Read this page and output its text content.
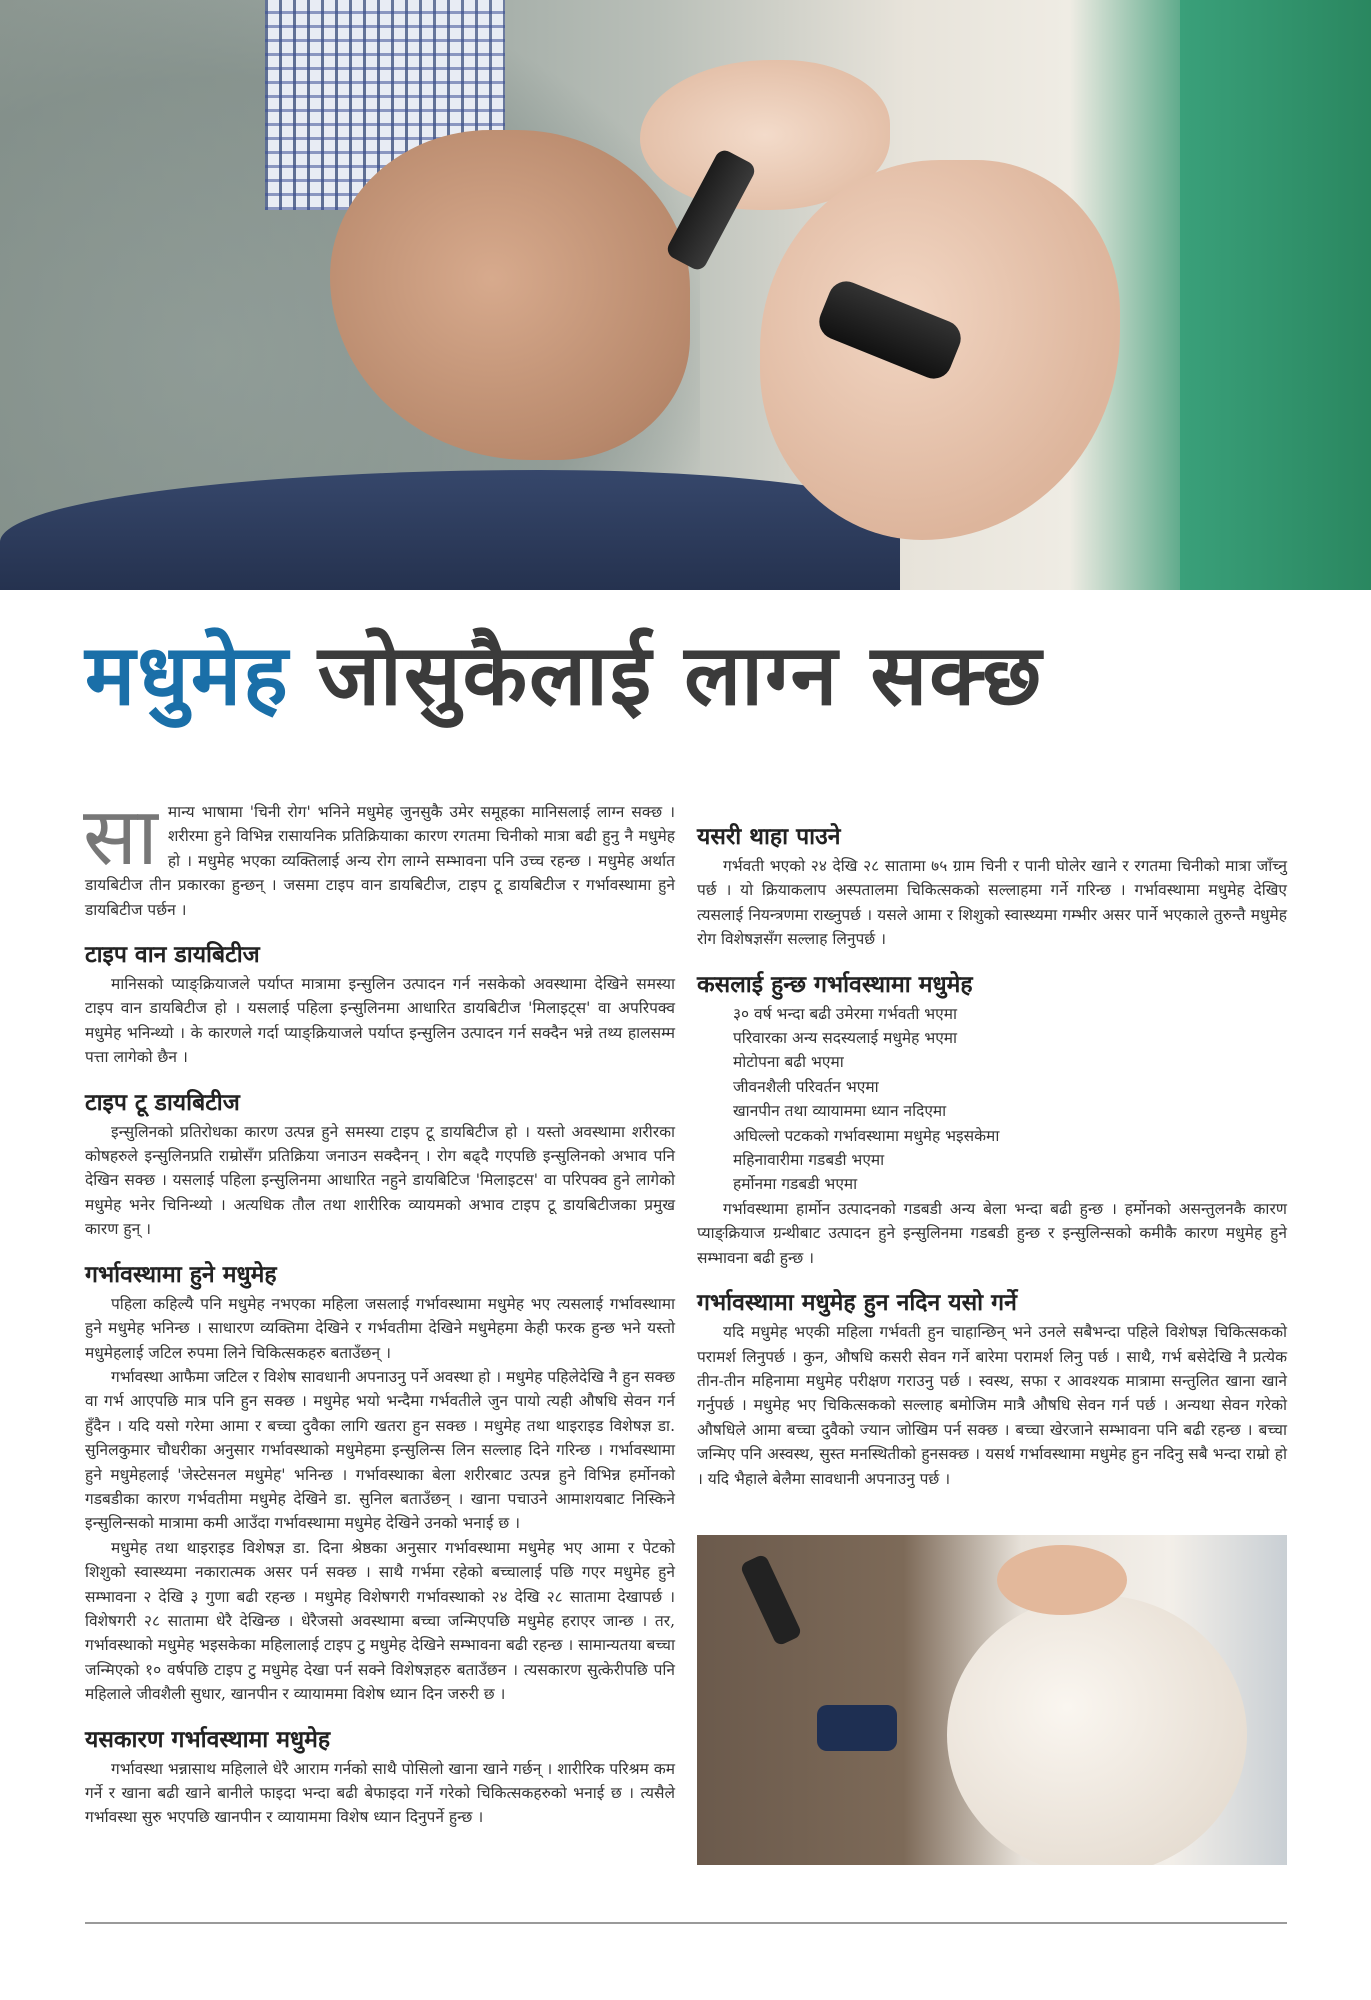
मधुमेह जोसुकैलाई लाग्न सक्छ
सा मान्य भाषामा 'चिनी रोग' भनिने मधुमेह जुनसुकै उमेर समूहका मानिसलाई लाग्न सक्छ । शरीरमा हुने विभिन्न रासायनिक प्रतिक्रियाका कारण रगतमा चिनीको मात्रा बढी हुनु नै मधुमेह हो । मधुमेह भएका व्यक्तिलाई अन्य रोग लाग्ने सम्भावना पनि उच्च रहन्छ । मधुमेह अर्थात डायबिटीज तीन प्रकारका हुन्छन् । जसमा टाइप वान डायबिटीज, टाइप टू डायबिटीज र गर्भावस्थामा हुने डायबिटीज पर्छन ।

टाइप वान डायबिटीज

मानिसको प्याङ्क्रियाजले पर्याप्त मात्रामा इन्सुलिन उत्पादन गर्न नसकेको अवस्थामा देखिने समस्या टाइप वान डायबिटीज हो । यसलाई पहिला इन्सुलिनमा आधारित डायबिटीज 'मिलाइट्स' वा अपरिपक्व मधुमेह भनिन्थ्यो । के कारणले गर्दा प्याङ्क्रियाजले पर्याप्त इन्सुलिन उत्पादन गर्न सक्दैन भन्ने तथ्य हालसम्म पत्ता लागेको छैन ।

टाइप टू डायबिटीज

इन्सुलिनको प्रतिरोधका कारण उत्पन्न हुने समस्या टाइप टू डायबिटीज हो । यस्तो अवस्थामा शरीरका कोषहरुले इन्सुलिनप्रति राम्रोसँग प्रतिक्रिया जनाउन सक्दैनन् । रोग बढ्दै गएपछि इन्सुलिनको अभाव पनि देखिन सक्छ । यसलाई पहिला इन्सुलिनमा आधारित नहुने डायबिटिज 'मिलाइटस' वा परिपक्व हुने लागेको मधुमेह भनेर चिनिन्थ्यो । अत्यधिक तौल तथा शारीरिक व्यायमको अभाव टाइप टू डायबिटीजका प्रमुख कारण हुन् ।

गर्भावस्थामा हुने मधुमेह

पहिला कहिल्यै पनि मधुमेह नभएका महिला जसलाई गर्भावस्थामा मधुमेह भए त्यसलाई गर्भावस्थामा हुने मधुमेह भनिन्छ । साधारण व्यक्तिमा देखिने र गर्भवतीमा देखिने मधुमेहमा केही फरक हुन्छ भने यस्तो मधुमेहलाई जटिल रुपमा लिने चिकित्सकहरु बताउँछन् ।

गर्भावस्था आफैमा जटिल र विशेष सावधानी अपनाउनु पर्ने अवस्था हो । मधुमेह पहिलेदेखि नै हुन सक्छ वा गर्भ आएपछि मात्र पनि हुन सक्छ । मधुमेह भयो भन्दैमा गर्भवतीले जुन पायो त्यही औषधि सेवन गर्न हुँदैन । यदि यसो गरेमा आमा र बच्चा दुवैका लागि खतरा हुन सक्छ । मधुमेह तथा थाइराइड विशेषज्ञ डा. सुनिलकुमार चौधरीका अनुसार गर्भावस्थाको मधुमेहमा इन्सुलिन्स लिन सल्लाह दिने गरिन्छ । गर्भावस्थामा हुने मधुमेहलाई 'जेस्टेसनल मधुमेह' भनिन्छ । गर्भावस्थाका बेला शरीरबाट उत्पन्न हुने विभिन्न हर्मोनको गडबडीका कारण गर्भवतीमा मधुमेह देखिने डा. सुनिल बताउँछन् । खाना पचाउने आमाशयबाट निस्किने इन्सुलिन्सको मात्रामा कमी आउँदा गर्भावस्थामा मधुमेह देखिने उनको भनाई छ ।

मधुमेह तथा थाइराइड विशेषज्ञ डा. दिना श्रेष्ठका अनुसार गर्भावस्थामा मधुमेह भए आमा र पेटको शिशुको स्वास्थ्यमा नकारात्मक असर पर्न सक्छ । साथै गर्भमा रहेको बच्चालाई पछि गएर मधुमेह हुने सम्भावना २ देखि ३ गुणा बढी रहन्छ । मधुमेह विशेषगरी गर्भावस्थाको २४ देखि २८ सातामा देखापर्छ । विशेषगरी २८ सातामा धेरै देखिन्छ । धेरैजसो अवस्थामा बच्चा जन्मिएपछि मधुमेह हराएर जान्छ । तर, गर्भावस्थाको मधुमेह भइसकेका महिलालाई टाइप टु मधुमेह देखिने सम्भावना बढी रहन्छ । सामान्यतया बच्चा जन्मिएको १० वर्षपछि टाइप टु मधुमेह देखा पर्न सक्ने विशेषज्ञहरु बताउँछन । त्यसकारण सुत्केरीपछि पनि महिलाले जीवशैली सुधार, खानपीन र व्यायाममा विशेष ध्यान दिन जरुरी छ ।

यसकारण गर्भावस्थामा मधुमेह

गर्भावस्था भन्नासाथ महिलाले धेरै आराम गर्नको साथै पोसिलो खाना खाने गर्छन् । शारीरिक परिश्रम कम गर्ने र खाना बढी खाने बानीले फाइदा भन्दा बढी बेफाइदा गर्ने गरेको चिकित्सकहरुको भनाई छ । त्यसैले गर्भावस्था सुरु भएपछि खानपीन र व्यायाममा विशेष ध्यान दिनुपर्ने हुन्छ ।

यसरी थाहा पाउने

गर्भवती भएको २४ देखि २८ सातामा ७५ ग्राम चिनी र पानी घोलेर खाने र रगतमा चिनीको मात्रा जाँच्नु पर्छ । यो क्रियाकलाप अस्पतालमा चिकित्सकको सल्लाहमा गर्ने गरिन्छ । गर्भावस्थामा मधुमेह देखिए त्यसलाई नियन्त्रणमा राख्नुपर्छ । यसले आमा र शिशुको स्वास्थ्यमा गम्भीर असर पार्ने भएकाले तुरुन्तै मधुमेह रोग विशेषज्ञसँग सल्लाह लिनुपर्छ ।

कसलाई हुन्छ गर्भावस्थामा मधुमेह
३० वर्ष भन्दा बढी उमेरमा गर्भवती भएमा
परिवारका अन्य सदस्यलाई मधुमेह भएमा
मोटोपना बढी भएमा
जीवनशैली परिवर्तन भएमा
खानपीन तथा व्यायाममा ध्यान नदिएमा
अघिल्लो पटकको गर्भावस्थामा मधुमेह भइसकेमा
महिनावारीमा गडबडी भएमा
हर्मोनमा गडबडी भएमा

गर्भावस्थामा हार्मोन उत्पादनको गडबडी अन्य बेला भन्दा बढी हुन्छ । हर्मोनको असन्तुलनकै कारण प्याङ्क्रियाज ग्रन्थीबाट उत्पादन हुने इन्सुलिनमा गडबडी हुन्छ र इन्सुलिन्सको कमीकै कारण मधुमेह हुने सम्भावना बढी हुन्छ ।

गर्भावस्थामा मधुमेह हुन नदिन यसो गर्ने

यदि मधुमेह भएकी महिला गर्भवती हुन चाहान्छिन् भने उनले सबैभन्दा पहिले विशेषज्ञ चिकित्सकको परामर्श लिनुपर्छ । कुन, औषधि कसरी सेवन गर्ने बारेमा परामर्श लिनु पर्छ । साथै, गर्भ बसेदेखि नै प्रत्येक तीन-तीन महिनामा मधुमेह परीक्षण गराउनु पर्छ । स्वस्थ, सफा र आवश्यक मात्रामा सन्तुलित खाना खाने गर्नुपर्छ । मधुमेह भए चिकित्सकको सल्लाह बमोजिम मात्रै औषधि सेवन गर्न पर्छ । अन्यथा सेवन गरेको औषधिले आमा बच्चा दुवैको ज्यान जोखिम पर्न सक्छ । बच्चा खेरजाने सम्भावना पनि बढी रहन्छ । बच्चा जन्मिए पनि अस्वस्थ, सुस्त मनस्थितीको हुनसक्छ । यसर्थ गर्भावस्थामा मधुमेह हुन नदिनु सबै भन्दा राम्रो हो । यदि भैहाले बेलैमा सावधानी अपनाउनु पर्छ ।
